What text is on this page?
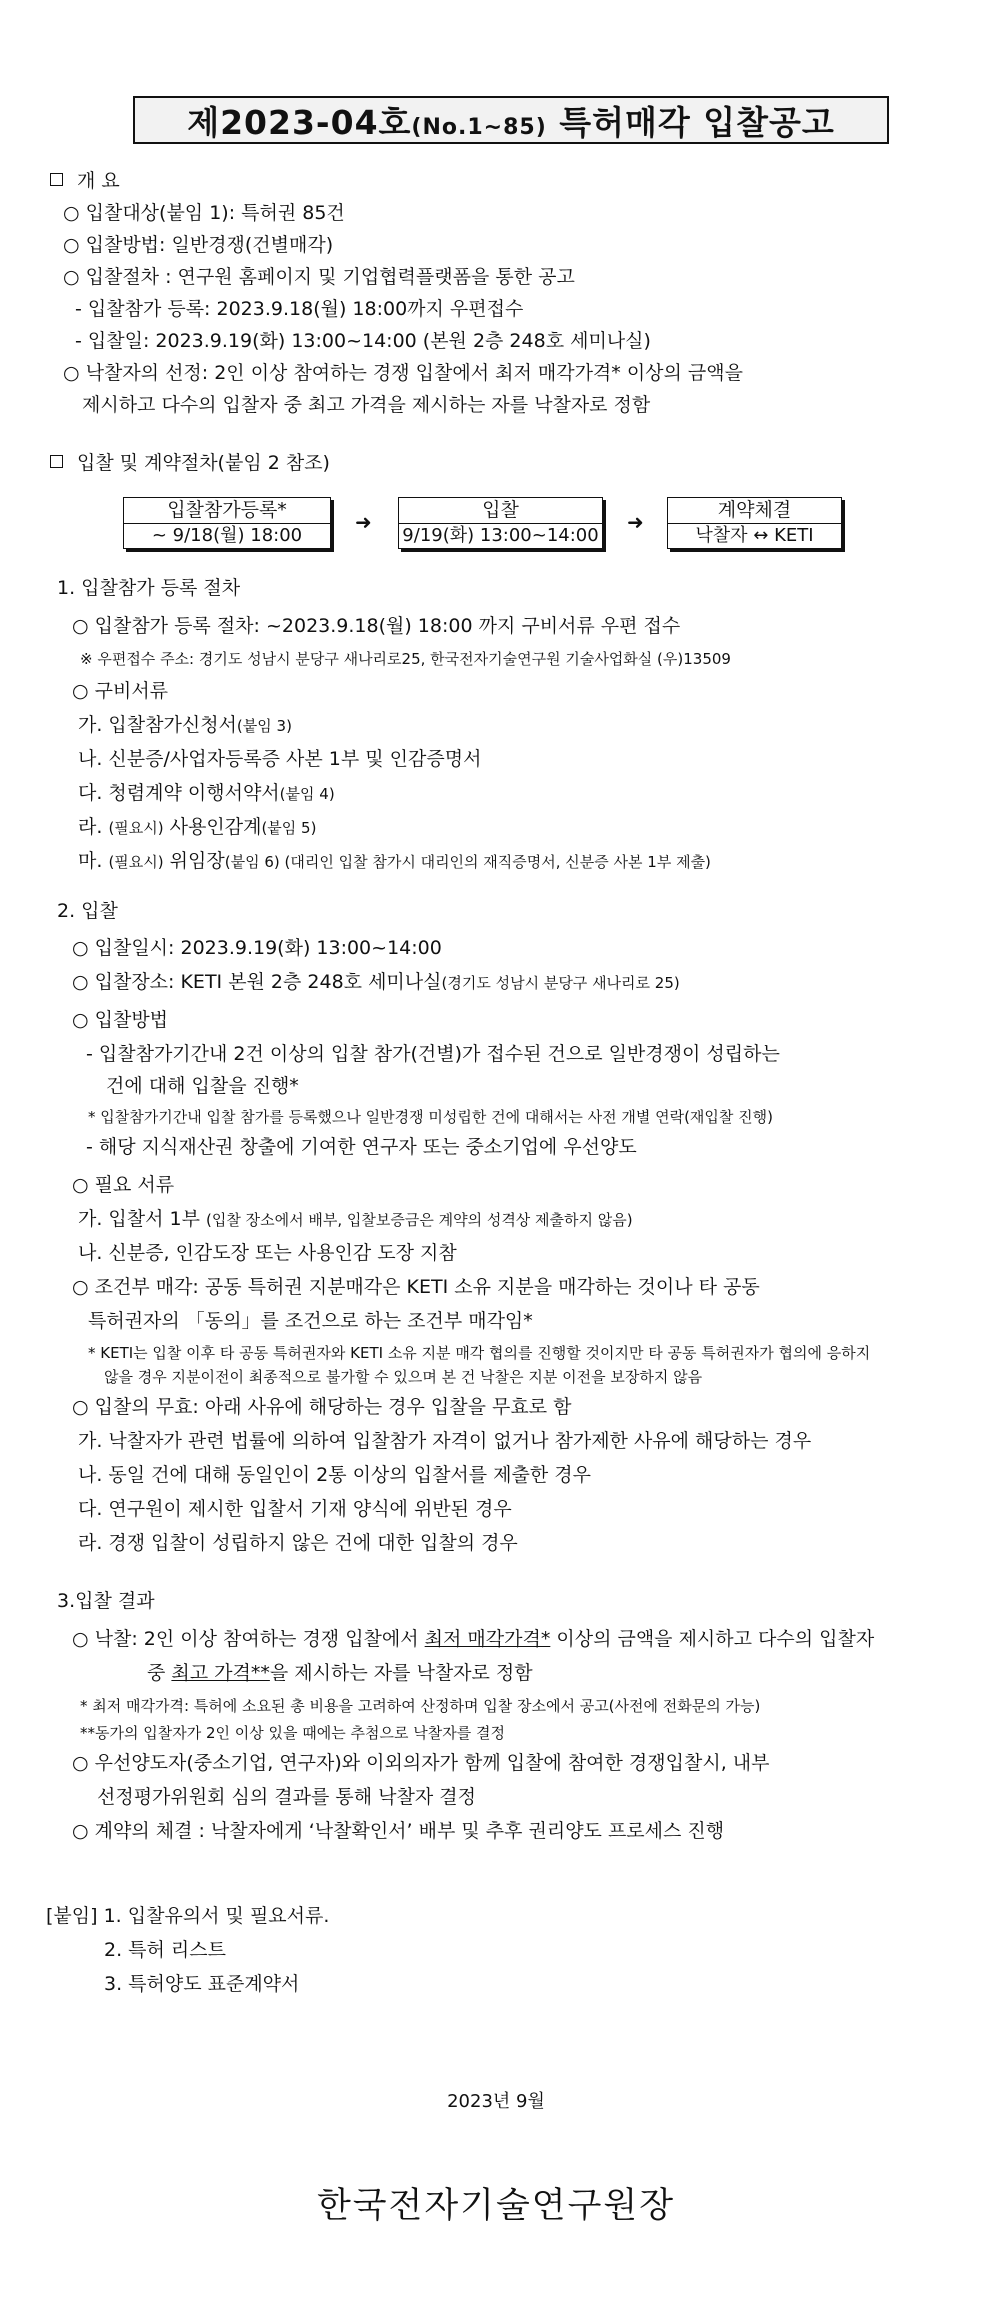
제2023-04호(No.1~85) 특허매각 입찰공고
개 요
○ 입찰대상(붙임 1): 특허권 85건
○ 입찰방법: 일반경쟁(건별매각)
○ 입찰절차 : 연구원 홈페이지 및 기업협력플랫폼을 통한 공고
- 입찰참가 등록: 2023.9.18(월) 18:00까지 우편접수
- 입찰일: 2023.9.19(화) 13:00~14:00 (본원 2층 248호 세미나실)
○ 낙찰자의 선정: 2인 이상 참여하는 경쟁 입찰에서 최저 매각가격* 이상의 금액을
제시하고 다수의 입찰자 중 최고 가격을 제시하는 자를 낙찰자로 정함
입찰 및 계약절차(붙임 2 참조)
입찰참가등록*
~ 9/18(월) 18:00
➜	입찰
9/19(화) 13:00~14:00
➜	계약체결
낙찰자 ↔ KETI
1. 입찰참가 등록 절차
○ 입찰참가 등록 절차: ~2023.9.18(월) 18:00 까지 구비서류 우편 접수
※ 우편접수 주소: 경기도 성남시 분당구 새나리로25, 한국전자기술연구원 기술사업화실 (우)13509
○ 구비서류
가. 입찰참가신청서(붙임 3)
나. 신분증/사업자등록증 사본 1부 및 인감증명서
다. 청렴계약 이행서약서(붙임 4)
라. (필요시) 사용인감계(붙임 5)
마. (필요시) 위임장(붙임 6) (대리인 입찰 참가시 대리인의 재직증명서, 신분증 사본 1부 제출)
2. 입찰
○ 입찰일시: 2023.9.19(화) 13:00~14:00
○ 입찰장소: KETI 본원 2층 248호 세미나실(경기도 성남시 분당구 새나리로 25)
○ 입찰방법
- 입찰참가기간내 2건 이상의 입찰 참가(건별)가 접수된 건으로 일반경쟁이 성립하는
건에 대해 입찰을 진행*
* 입찰참가기간내 입찰 참가를 등록했으나 일반경쟁 미성립한 건에 대해서는 사전 개별 연락(재입찰 진행)
- 해당 지식재산권 창출에 기여한 연구자 또는 중소기업에 우선양도
○ 필요 서류
가. 입찰서 1부 (입찰 장소에서 배부, 입찰보증금은 계약의 성격상 제출하지 않음)
나. 신분증, 인감도장 또는 사용인감 도장 지참
○ 조건부 매각: 공동 특허권 지분매각은 KETI 소유 지분을 매각하는 것이나 타 공동
특허권자의 「동의」를 조건으로 하는 조건부 매각임*
* KETI는 입찰 이후 타 공동 특허권자와 KETI 소유 지분 매각 협의를 진행할 것이지만 타 공동 특허권자가 협의에 응하지
않을 경우 지분이전이 최종적으로 불가할 수 있으며 본 건 낙찰은 지분 이전을 보장하지 않음
○ 입찰의 무효: 아래 사유에 해당하는 경우 입찰을 무효로 함
가. 낙찰자가 관련 법률에 의하여 입찰참가 자격이 없거나 참가제한 사유에 해당하는 경우
나. 동일 건에 대해 동일인이 2통 이상의 입찰서를 제출한 경우
다. 연구원이 제시한 입찰서 기재 양식에 위반된 경우
라. 경쟁 입찰이 성립하지 않은 건에 대한 입찰의 경우
3.입찰 결과
○ 낙찰: 2인 이상 참여하는 경쟁 입찰에서 최저 매각가격* 이상의 금액을 제시하고 다수의 입찰자
중 최고 가격**을 제시하는 자를 낙찰자로 정함
* 최저 매각가격: 특허에 소요된 총 비용을 고려하여 산정하며 입찰 장소에서 공고(사전에 전화문의 가능)
**동가의 입찰자가 2인 이상 있을 때에는 추첨으로 낙찰자를 결정
○ 우선양도자(중소기업, 연구자)와 이외의자가 함께 입찰에 참여한 경쟁입찰시, 내부
선정평가위원회 심의 결과를 통해 낙찰자 결정
○ 계약의 체결 : 낙찰자에게 ‘낙찰확인서’ 배부 및 추후 권리양도 프로세스 진행
[붙임] 1. 입찰유의서 및 필요서류.
2. 특허 리스트
3. 특허양도 표준계약서
2023년 9월
한국전자기술연구원장
